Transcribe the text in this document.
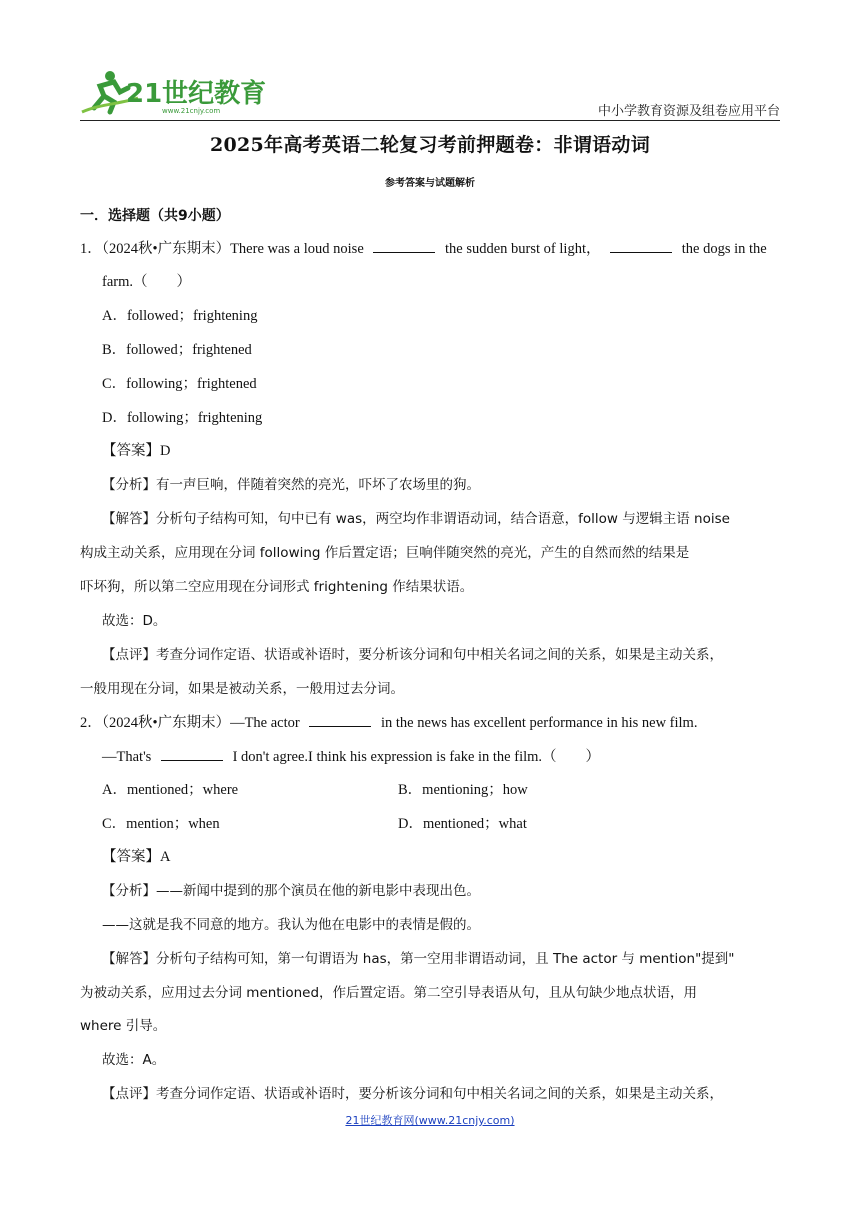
21世纪教育
www.21cnjy.com	中小学教育资源及组卷应用平台
2025年高考英语二轮复习考前押题卷：非谓语动词
参考答案与试题解析
一．选择题（共9小题）
1．（2024秋•广东期末）There was a loud noise	the sudden burst of light，	the dogs in the
farm.（　　）
A．followed；frightening
B．followed；frightened
C．following；frightened
D．following；frightening
【答案】D
【分析】有一声巨响，伴随着突然的亮光，吓坏了农场里的狗。
【解答】分析句子结构可知，句中已有 was，两空均作非谓语动词，结合语意，follow 与逻辑主语 noise
构成主动关系，应用现在分词 following 作后置定语；巨响伴随突然的亮光，产生的自然而然的结果是
吓坏狗，所以第二空应用现在分词形式 frightening 作结果状语。
故选：D。
【点评】考查分词作定语、状语或补语时，要分析该分词和句中相关名词之间的关系，如果是主动关系，
一般用现在分词，如果是被动关系，一般用过去分词。
2．（2024秋•广东期末）—The actor	in the news has excellent performance in his new film.
—That's	I don't agree.I think his expression is fake in the film.（　　）
A．mentioned；where	B．mentioning；how
C．mention；when	D．mentioned；what
【答案】A
【分析】——新闻中提到的那个演员在他的新电影中表现出色。
——这就是我不同意的地方。我认为他在电影中的表情是假的。
【解答】分析句子结构可知，第一句谓语为 has，第一空用非谓语动词，且 The actor 与 mention"提到"
为被动关系，应用过去分词 mentioned，作后置定语。第二空引导表语从句，且从句缺少地点状语，用
where 引导。
故选：A。
【点评】考查分词作定语、状语或补语时，要分析该分词和句中相关名词之间的关系，如果是主动关系，
21世纪教育网(www.21cnjy.com)
